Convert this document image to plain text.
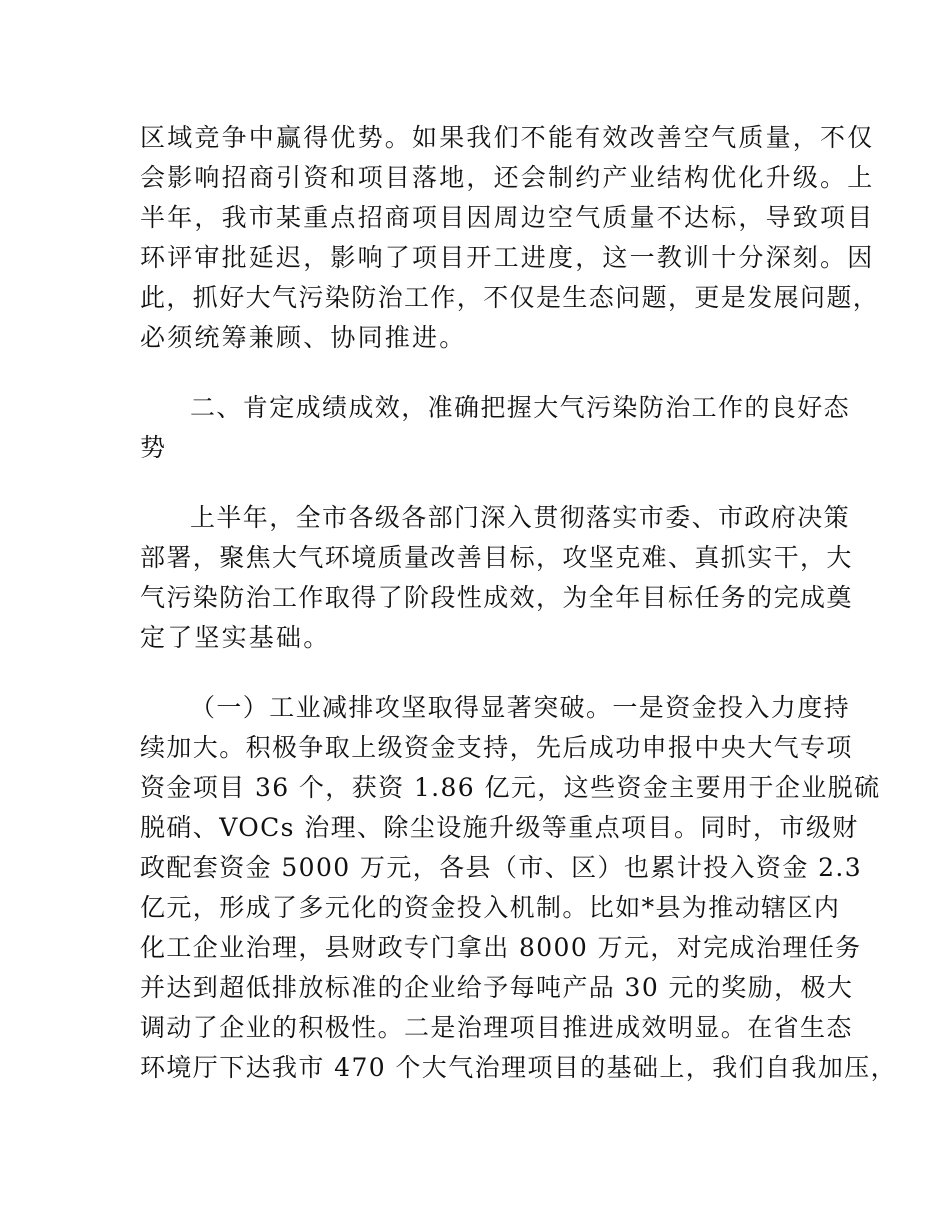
区域竞争中赢得优势。如果我们不能有效改善空气质量，不仅
会影响招商引资和项目落地，还会制约产业结构优化升级。上
半年，我市某重点招商项目因周边空气质量不达标，导致项目
环评审批延迟，影响了项目开工进度，这一教训十分深刻。因
此，抓好大气污染防治工作，不仅是生态问题，更是发展问题，
必须统筹兼顾、协同推进。
二、肯定成绩成效，准确把握大气污染防治工作的良好态
势
上半年，全市各级各部门深入贯彻落实市委、市政府决策
部署，聚焦大气环境质量改善目标，攻坚克难、真抓实干，大
气污染防治工作取得了阶段性成效，为全年目标任务的完成奠
定了坚实基础。
（一）工业减排攻坚取得显著突破。一是资金投入力度持
续加大。积极争取上级资金支持，先后成功申报中央大气专项
资金项目 36 个，获资 1.86 亿元，这些资金主要用于企业脱硫
脱硝、VOCs 治理、除尘设施升级等重点项目。同时，市级财
政配套资金 5000 万元，各县（市、区）也累计投入资金 2.3
亿元，形成了多元化的资金投入机制。比如*县为推动辖区内
化工企业治理，县财政专门拿出 8000 万元，对完成治理任务
并达到超低排放标准的企业给予每吨产品 30 元的奖励，极大
调动了企业的积极性。二是治理项目推进成效明显。在省生态
环境厅下达我市 470 个大气治理项目的基础上，我们自我加压，
